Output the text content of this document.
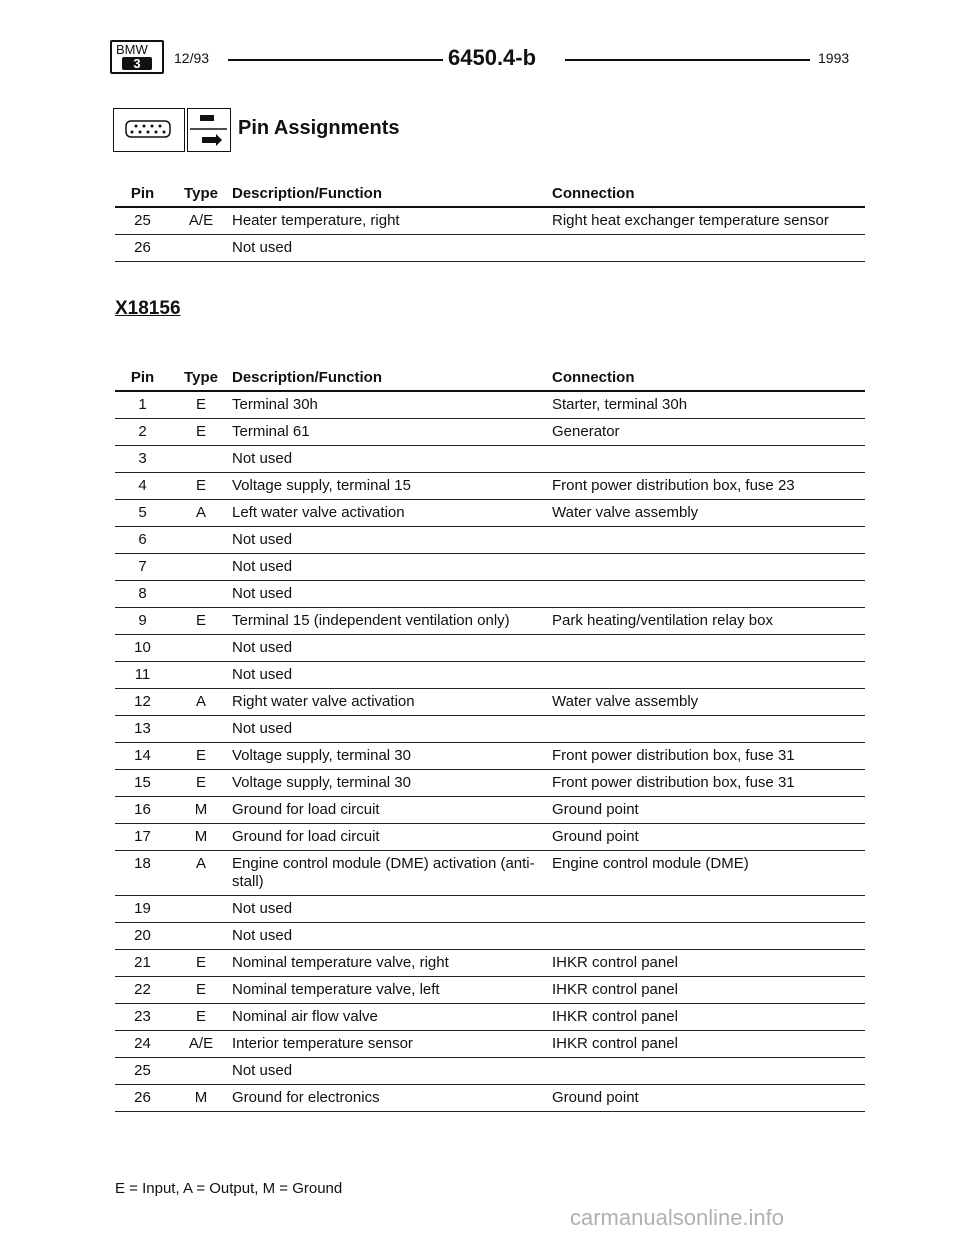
BMW
3	12/93	6450.4-b	1993
Pin Assignments
Pin	Type	Description/Function	Connection
25	A/E	Heater temperature, right	Right heat exchanger temperature sensor
26		Not used	
X18156
Pin	Type	Description/Function	Connection
1	E	Terminal 30h	Starter, terminal 30h
2	E	Terminal 61	Generator
3		Not used	
4	E	Voltage supply, terminal 15	Front power distribution box, fuse 23
5	A	Left water valve activation	Water valve assembly
6		Not used	
7		Not used	
8		Not used	
9	E	Terminal 15 (independent ventilation only)	Park heating/ventilation relay box
10		Not used	
11		Not used	
12	A	Right water valve activation	Water valve assembly
13		Not used	
14	E	Voltage supply, terminal 30	Front power distribution box, fuse 31
15	E	Voltage supply, terminal 30	Front power distribution box, fuse 31
16	M	Ground for load circuit	Ground point
17	M	Ground for load circuit	Ground point
18	A	Engine control module (DME) activation (anti-stall)	Engine control module (DME)
19		Not used	
20		Not used	
21	E	Nominal temperature valve, right	IHKR control panel
22	E	Nominal temperature valve, left	IHKR control panel
23	E	Nominal air flow valve	IHKR control panel
24	A/E	Interior temperature sensor	IHKR control panel
25		Not used	
26	M	Ground for electronics	Ground point
E = Input, A = Output, M = Ground
carmanualsonline.info
